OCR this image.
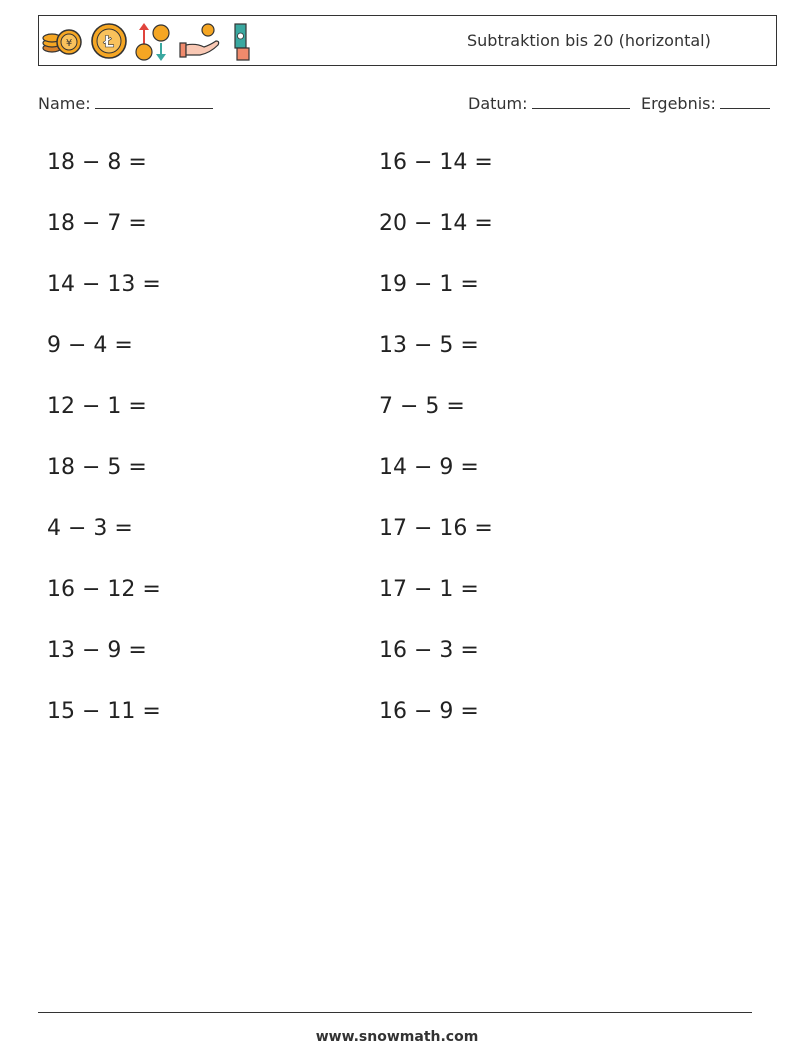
¥ Ł	Subtraktion bis 20 (horizontal)
Name:	Datum:	Ergebnis:
18 − 8 =
18 − 7 =
14 − 13 =
9 − 4 =
12 − 1 =
18 − 5 =
4 − 3 =
16 − 12 =
13 − 9 =
15 − 11 =
16 − 14 =
20 − 14 =
19 − 1 =
13 − 5 =
7 − 5 =
14 − 9 =
17 − 16 =
17 − 1 =
16 − 3 =
16 − 9 =
www.snowmath.com
